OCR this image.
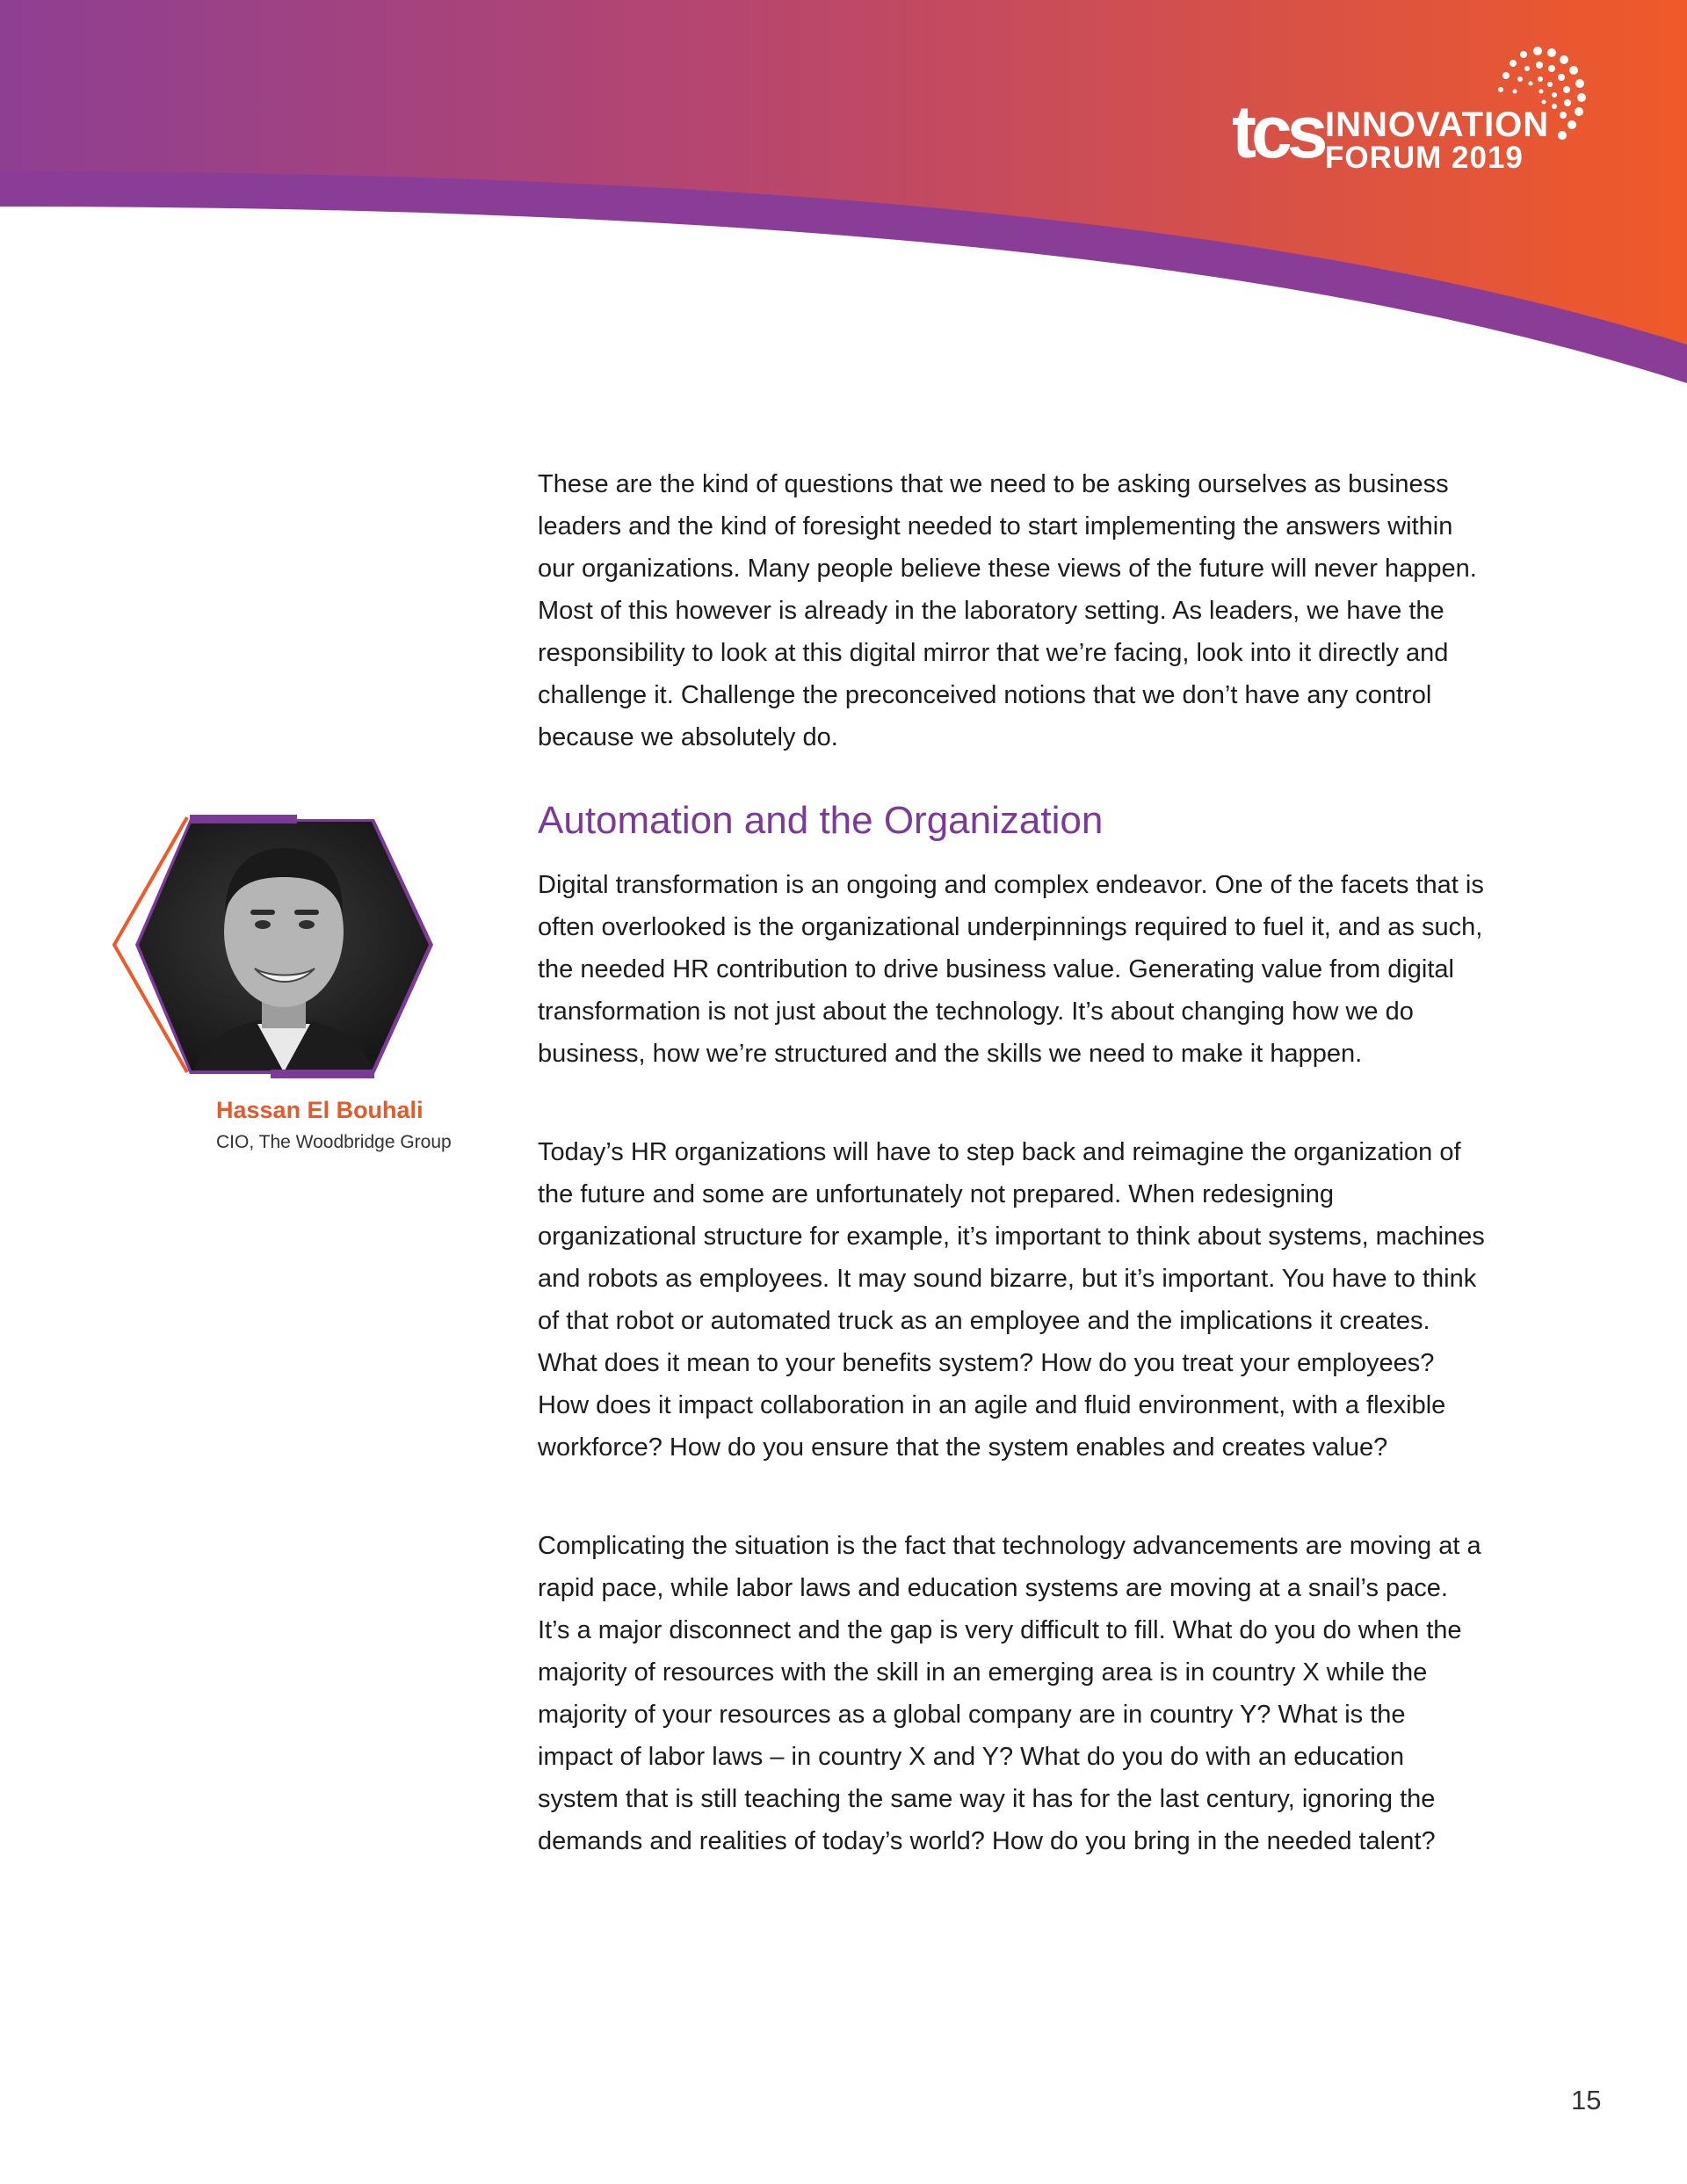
tcs INNOVATION
FORUM 2019

These are the kind of questions that we need to be asking ourselves as business leaders and the kind of foresight needed to start implementing the answers within our organizations. Many people believe these views of the future will never happen. Most of this however is already in the laboratory setting. As leaders, we have the responsibility to look at this digital mirror that we’re facing, look into it directly and challenge it. Challenge the preconceived notions that we don’t have any control because we absolutely do.

Automation and the Organization

Digital transformation is an ongoing and complex endeavor. One of the facets that is often overlooked is the organizational underpinnings required to fuel it, and as such, the needed HR contribution to drive business value. Generating value from digital transformation is not just about the technology. It’s about changing how we do business, how we’re structured and the skills we need to make it happen.

Today’s HR organizations will have to step back and reimagine the organization of the future and some are unfortunately not prepared. When redesigning organizational structure for example, it’s important to think about systems, machines and robots as employees. It may sound bizarre, but it’s important. You have to think of that robot or automated truck as an employee and the implications it creates. What does it mean to your benefits system? How do you treat your employees? How does it impact collaboration in an agile and fluid environment, with a flexible workforce? How do you ensure that the system enables and creates value?

Complicating the situation is the fact that technology advancements are moving at a rapid pace, while labor laws and education systems are moving at a snail’s pace. It’s a major disconnect and the gap is very difficult to fill. What do you do when the majority of resources with the skill in an emerging area is in country X while the majority of your resources as a global company are in country Y? What is the impact of labor laws – in country X and Y? What do you do with an education system that is still teaching the same way it has for the last century, ignoring the demands and realities of today’s world? How do you bring in the needed talent?

Hassan El Bouhali
CIO, The Woodbridge Group
15
